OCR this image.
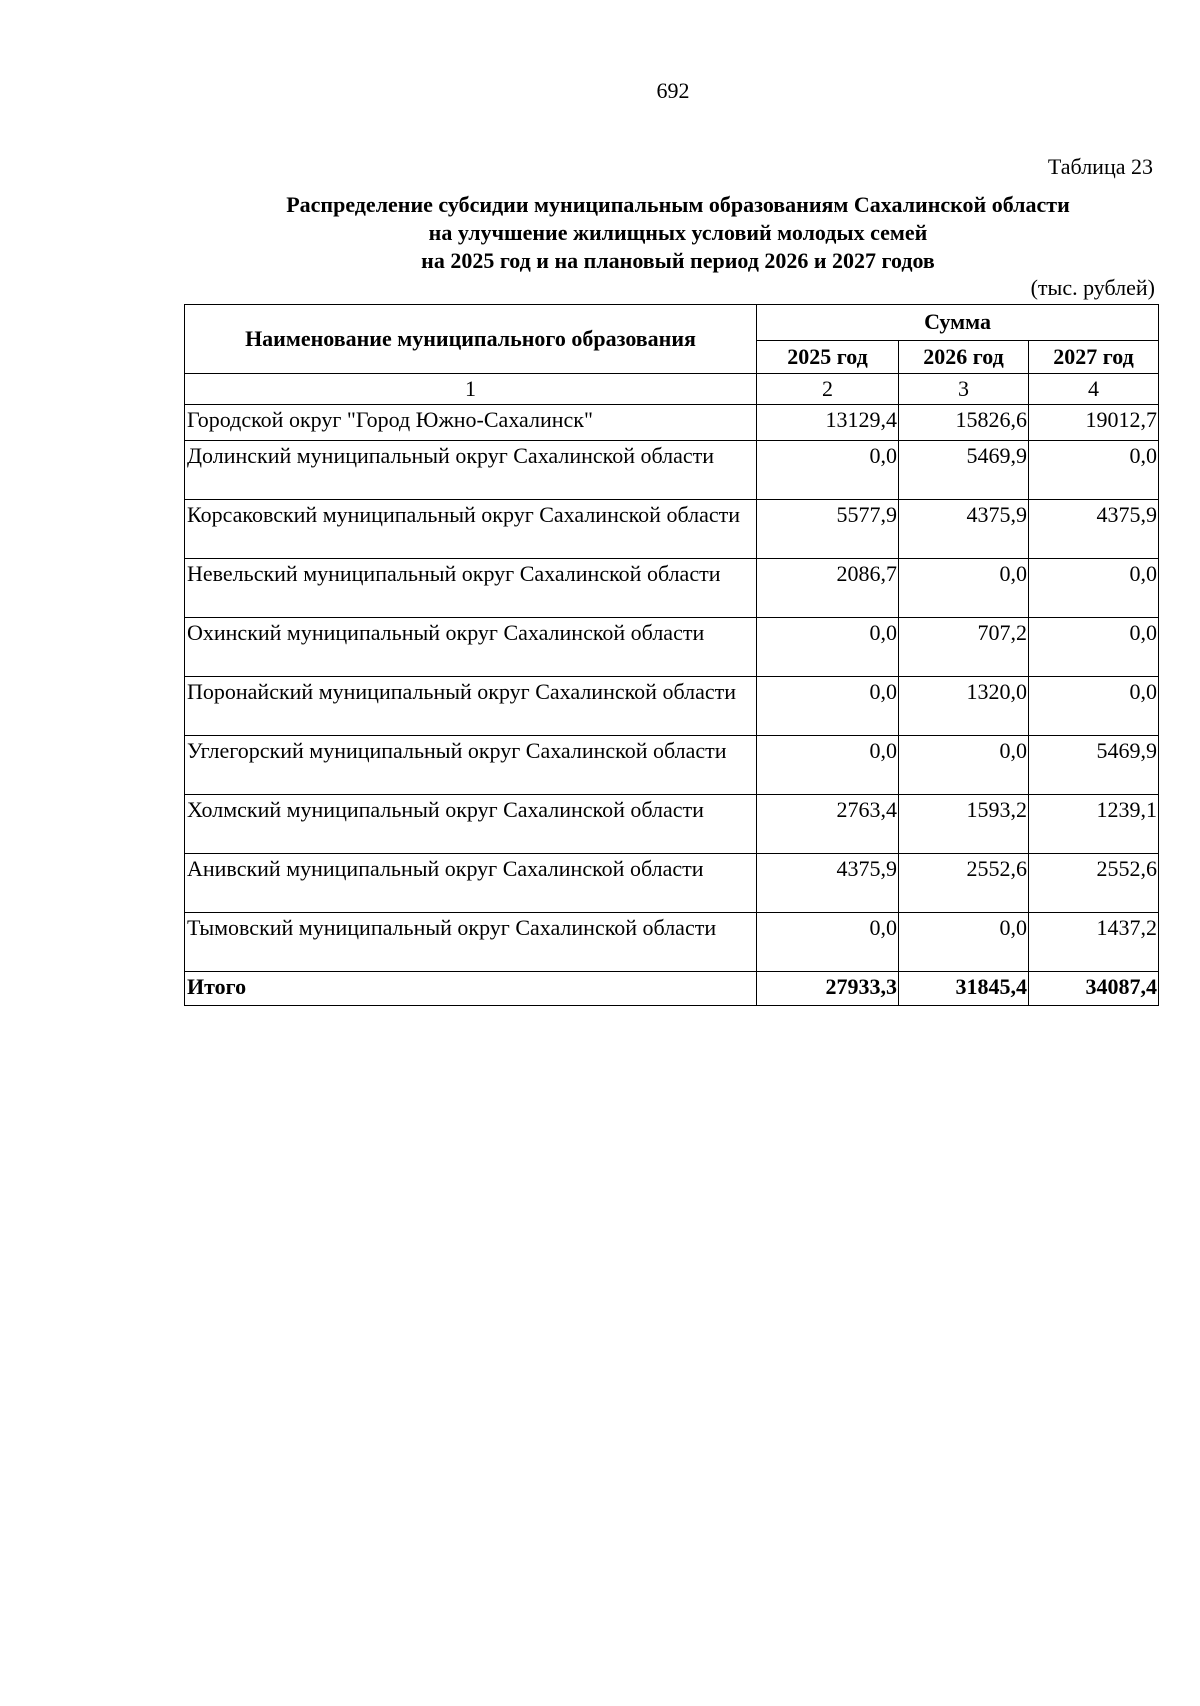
692
Таблица 23
Распределение субсидии муниципальным образованиям Сахалинской области
на улучшение жилищных условий молодых семей
на 2025 год и на плановый период 2026 и 2027 годов
(тыс. рублей)
Наименование муниципального образования	Сумма		
	2025 год	2026 год	2027 год
1	2	3	4
Городской округ "Город Южно-Сахалинск"	13129,4	15826,6	19012,7
Долинский муниципальный округ Сахалинской области	0,0	5469,9	0,0
Корсаковский муниципальный округ Сахалинской области	5577,9	4375,9	4375,9
Невельский муниципальный округ Сахалинской области	2086,7	0,0	0,0
Охинский муниципальный округ Сахалинской области	0,0	707,2	0,0
Поронайский муниципальный округ Сахалинской области	0,0	1320,0	0,0
Углегорский муниципальный округ Сахалинской области	0,0	0,0	5469,9
Холмский муниципальный округ Сахалинской области	2763,4	1593,2	1239,1
Анивский муниципальный округ Сахалинской области	4375,9	2552,6	2552,6
Тымовский муниципальный округ Сахалинской области	0,0	0,0	1437,2
Итого	27933,3	31845,4	34087,4
